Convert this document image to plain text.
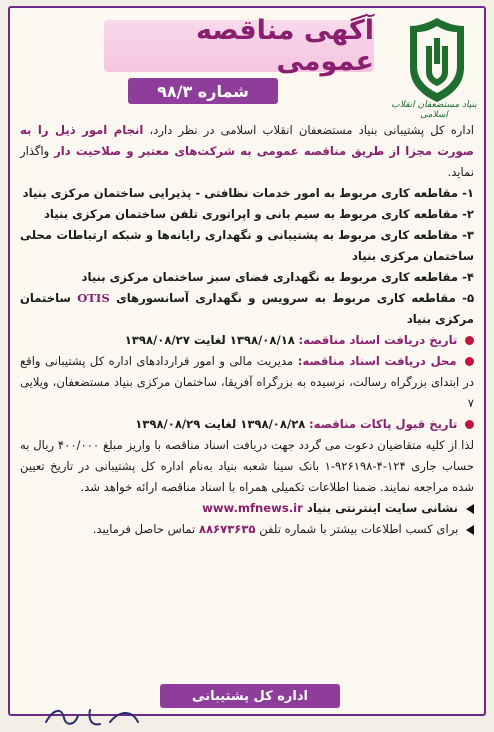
بنیاد مستضعفان انقلاب اسلامی
آگهی مناقصه عمومی
شماره ۹۸/۳

اداره کل پشتیبانی بنیاد مستضعفان انقلاب اسلامی در نظر دارد، انجام امور ذیل را به صورت مجزا از طریق مناقصه عمومی به شرکت‌های معتبر و صلاحیت دار واگذار نماید.

۱- مقاطعه کاری مربوط به امور خدمات نظافتی - پذیرایی ساختمان مرکزی بنیاد

۲- مقاطعه کاری مربوط به سیم بانی و اپراتوری تلفن ساختمان مرکزی بنیاد

۳- مقاطعه کاری مربوط به پشتیبانی و نگهداری رایانه‌ها و شبکه ارتباطات محلی ساختمان مرکزی بنیاد

۴- مقاطعه کاری مربوط به نگهداری فضای سبز ساختمان مرکزی بنیاد

۵- مقاطعه کاری مربوط به سرویس و نگهداری آسانسورهای OTIS ساختمان مرکزی بنیاد

تاریخ دریافت اسناد مناقصه: ۱۳۹۸/۰۸/۱۸ لغایت ۱۳۹۸/۰۸/۲۷

محل دریافت اسناد مناقصه: مدیریت مالی و امور قراردادهای اداره کل پشتیبانی واقع در ابتدای بزرگراه رسالت، نرسیده به بزرگراه آفریقا، ساختمان مرکزی بنیاد مستضعفان، ویلایی ۷

تاریخ قبول پاکات مناقصه: ۱۳۹۸/۰۸/۲۸ لغایت ۱۳۹۸/۰۸/۲۹

لذا از کلیه متقاضیان دعوت می گردد جهت دریافت اسناد مناقصه با واریز مبلغ ۴۰۰/۰۰۰ ریال به حساب جاری ۱۲۴-۴-۹۲۶۱۹۸-۱ بانک سینا شعبه بنیاد به‌نام اداره کل پشتیبانی در تاریخ تعیین شده مراجعه نمایند. ضمنا اطلاعات تکمیلی همراه با اسناد مناقصه ارائه خواهد شد.

نشانی سایت اینترنتی بنیاد www.mfnews.ir

برای کسب اطلاعات بیشتر با شماره تلفن ۸۸۶۷۳۶۳۵ تماس حاصل فرمایید.

اداره کل پشتیبانی
